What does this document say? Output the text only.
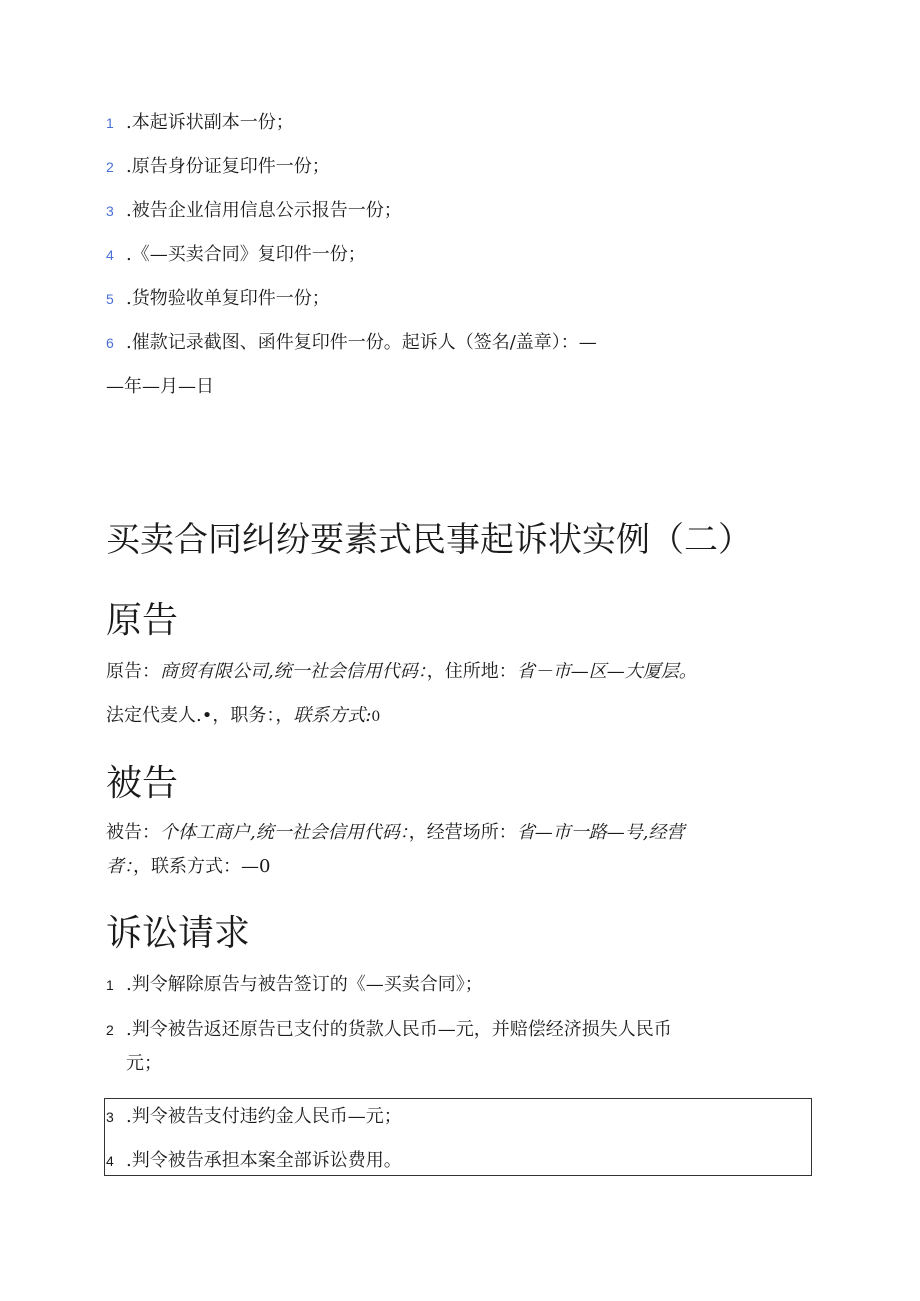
1 .本起诉状副本一份；
2 .原告身份证复印件一份；
3 .被告企业信用信息公示报告一份；
4 .《—买卖合同》复印件一份；
5 .货物验收单复印件一份；
6 .催款记录截图、函件复印件一份。起诉人（签名/盖章）：—
—年—月—日
买卖合同纠纷要素式民事起诉状实例（二）
原告
原告：商贸有限公司,统一社会信用代码：，住所地：省－市—区—大厦层。
法定代麦人.•，职务：，联系方式:0
被告
被告：个体工商户,统一社会信用代码：，经营场所：省—市一路—号,经营
者：，联系方式：—0
诉讼请求
1 .判令解除原告与被告签订的《—买卖合同》；
2 .判令被告返还原告已支付的货款人民币—元，并赔偿经济损失人民币
元；
3 .判令被告支付违约金人民币—元；
4 .判令被告承担本案全部诉讼费用。
